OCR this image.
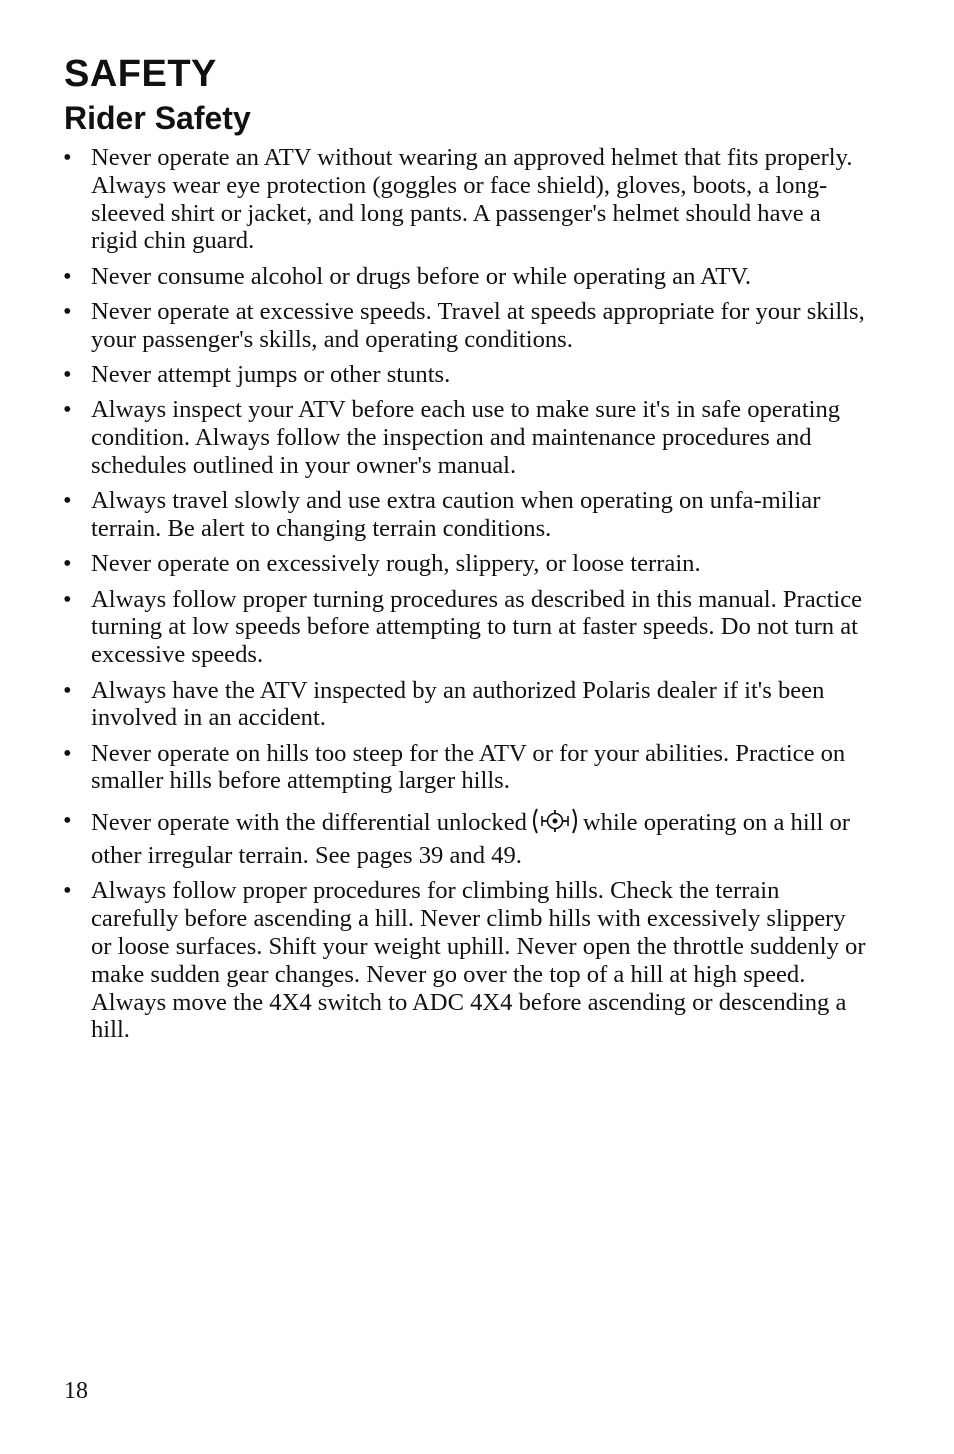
SAFETY
Rider Safety
• Never operate an ATV without wearing an approved helmet that fits properly. Always wear eye protection (goggles or face shield), gloves, boots, a long-sleeved shirt or jacket, and long pants. A passenger's helmet should have a rigid chin guard.
• Never consume alcohol or drugs before or while operating an ATV.
• Never operate at excessive speeds. Travel at speeds appropriate for your skills, your passenger's skills, and operating conditions.
• Never attempt jumps or other stunts.
• Always inspect your ATV before each use to make sure it's in safe operating condition. Always follow the inspection and maintenance procedures and schedules outlined in your owner's manual.
• Always travel slowly and use extra caution when operating on unfa-miliar terrain. Be alert to changing terrain conditions.
• Never operate on excessively rough, slippery, or loose terrain.
• Always follow proper turning procedures as described in this manual. Practice turning at low speeds before attempting to turn at faster speeds. Do not turn at excessive speeds.
• Always have the ATV inspected by an authorized Polaris dealer if it's been involved in an accident.
• Never operate on hills too steep for the ATV or for your abilities. Practice on smaller hills before attempting larger hills.
• Never operate with the differential unlocked while operating on a hill or other irregular terrain. See pages 39 and 49.
• Always follow proper procedures for climbing hills. Check the terrain carefully before ascending a hill. Never climb hills with excessively slippery or loose surfaces. Shift your weight uphill. Never open the throttle suddenly or make sudden gear changes. Never go over the top of a hill at high speed. Always move the 4X4 switch to ADC 4X4 before ascending or descending a hill.
18
